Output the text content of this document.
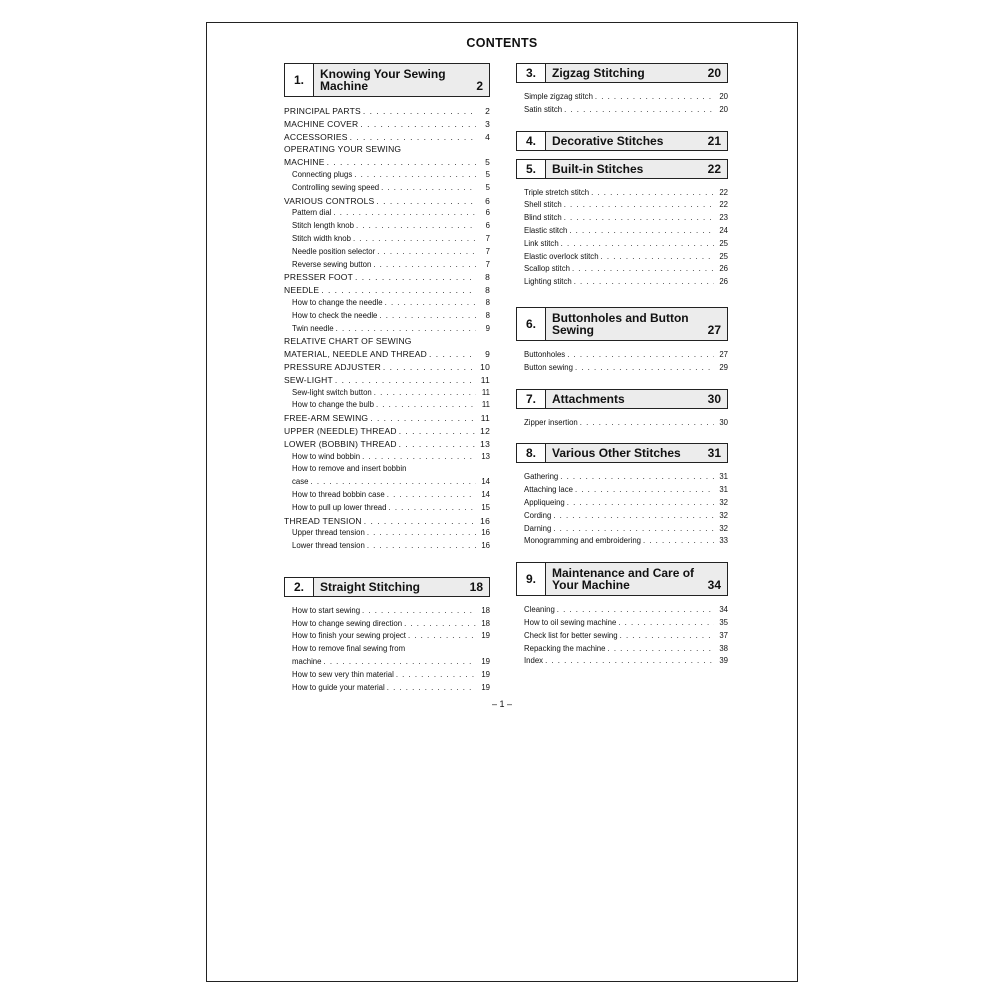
CONTENTS
1.	Knowing Your Sewing Machine	2
PRINCIPAL PARTS . . .	2
MACHINE COVER . . .	3
ACCESSORIES . . .	4
OPERATING YOUR SEWING
MACHINE . . .	5
Connecting plugs . . .	5
Controlling sewing speed . . .	5
VARIOUS CONTROLS . . .	6
Pattern dial . . .	6
Stitch length knob . . .	6
Stitch width knob . . .	7
Needle position selector . . .	7
Reverse sewing button . . .	7
PRESSER FOOT . . .	8
NEEDLE . . .	8
How to change the needle . . .	8
How to check the needle . . .	8
Twin needle . . .	9
RELATIVE CHART OF SEWING
MATERIAL, NEEDLE AND THREAD . . .	9
PRESSURE ADJUSTER . . .	10
SEW-LIGHT . . .	11
Sew-light switch button . . .	11
How to change the bulb . . .	11
FREE-ARM SEWING . . .	11
UPPER (NEEDLE) THREAD . . .	12
LOWER (BOBBIN) THREAD . . .	13
How to wind bobbin . . .	13
How to remove and insert bobbin
case . . .	14
How to thread bobbin case . . .	14
How to pull up lower thread . . .	15
THREAD TENSION . . .	16
Upper thread tension . . .	16
Lower thread tension . . .	16
2.	Straight Stitching	18
How to start sewing . . .	18
How to change sewing direction . . .	18
How to finish your sewing project . . .	19
How to remove final sewing from
machine . . .	19
How to sew very thin material . . .	19
How to guide your material . . .	19
3.	Zigzag Stitching	20
Simple zigzag stitch . . .	20
Satin stitch . . .	20
4.	Decorative Stitches	21
5.	Built-in Stitches	22
Triple stretch stitch . . .	22
Shell stitch . . .	22
Blind stitch . . .	23
Elastic stitch . . .	24
Link stitch . . .	25
Elastic overlock stitch . . .	25
Scallop stitch . . .	26
Lighting stitch . . .	26
6.	Buttonholes and Button Sewing	27
Buttonholes . . .	27
Button sewing . . .	29
7.	Attachments	30
Zipper insertion . . .	30
8.	Various Other Stitches	31
Gathering . . .	31
Attaching lace . . .	31
Appliqueing . . .	32
Cording . . .	32
Darning . . .	32
Monogramming and embroidering . . .	33
9.	Maintenance and Care of Your Machine	34
Cleaning . . .	34
How to oil sewing machine . . .	35
Check list for better sewing . . .	37
Repacking the machine . . .	38
Index . . .	39
– 1 –
